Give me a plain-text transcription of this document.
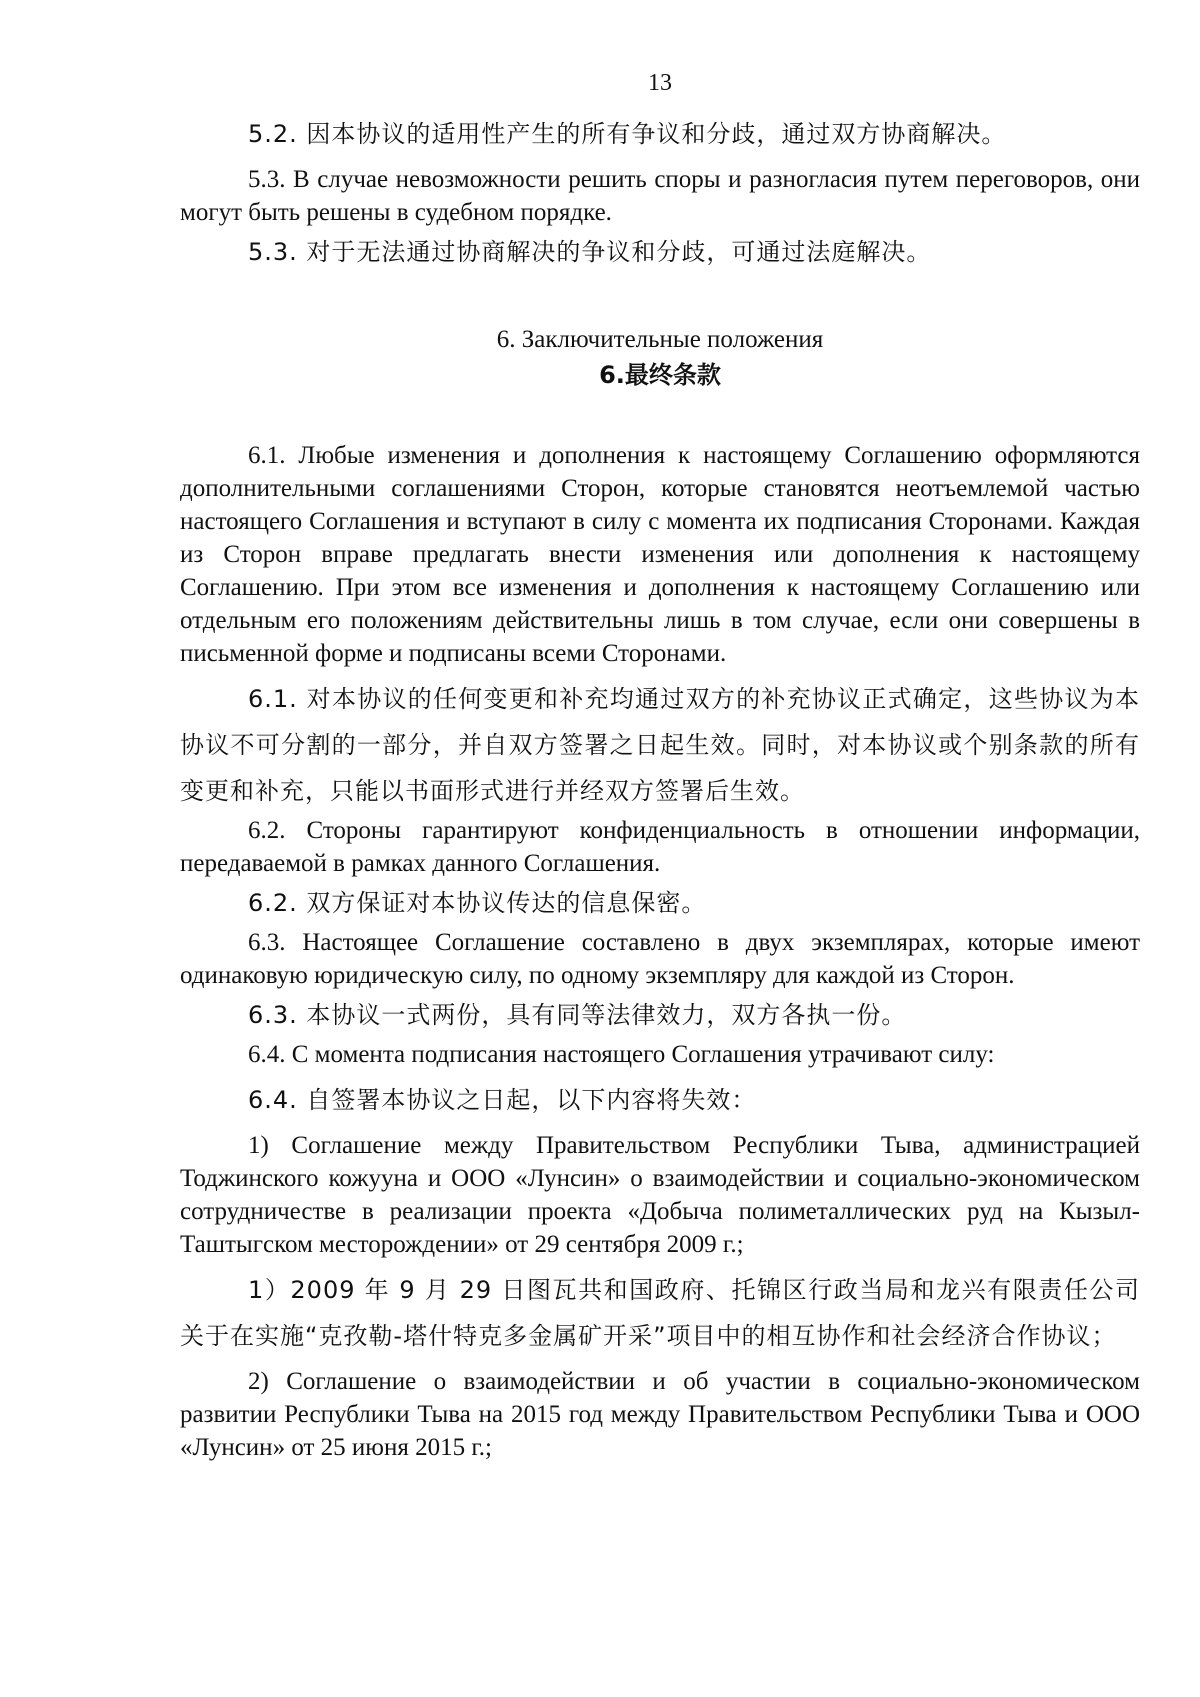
13

5.2. 因本协议的适用性产生的所有争议和分歧，通过双方协商解决。

5.3. В случае невозможности решить споры и разногласия путем переговоров, они могут быть решены в судебном порядке.

5.3. 对于无法通过协商解决的争议和分歧，可通过法庭解决。

6. Заключительные положения
6.最终条款

6.1. Любые изменения и дополнения к настоящему Соглашению оформляются дополнительными соглашениями Сторон, которые становятся неотъемлемой частью настоящего Соглашения и вступают в силу с момента их подписания Сторонами. Каждая из Сторон вправе предлагать внести изменения или дополнения к настоящему Соглашению. При этом все изменения и дополнения к настоящему Соглашению или отдельным его положениям действительны лишь в том случае, если они совершены в письменной форме и подписаны всеми Сторонами.

6.1. 对本协议的任何变更和补充均通过双方的补充协议正式确定，这些协议为本协议不可分割的一部分，并自双方签署之日起生效。同时，对本协议或个别条款的所有变更和补充，只能以书面形式进行并经双方签署后生效。

6.2. Стороны гарантируют конфиденциальность в отношении информации, передаваемой в рамках данного Соглашения.

6.2. 双方保证对本协议传达的信息保密。

6.3. Настоящее Соглашение составлено в двух экземплярах, которые имеют одинаковую юридическую силу, по одному экземпляру для каждой из Сторон.

6.3. 本协议一式两份，具有同等法律效力，双方各执一份。

6.4. С момента подписания настоящего Соглашения утрачивают силу:

6.4. 自签署本协议之日起，以下内容将失效：

1) Соглашение между Правительством Республики Тыва, администрацией Тоджинского кожууна и ООО «Лунсин» о взаимодействии и социально-экономическом сотрудничестве в реализации проекта «Добыча полиметаллических руд на Кызыл-Таштыгском месторождении» от 29 сентября 2009 г.;

1）2009 年 9 月 29 日图瓦共和国政府、托锦区行政当局和龙兴有限责任公司关于在实施“克孜勒-塔什特克多金属矿开采”项目中的相互协作和社会经济合作协议；

2) Соглашение о взаимодействии и об участии в социально-экономическом развитии Республики Тыва на 2015 год между Правительством Республики Тыва и ООО «Лунсин» от 25 июня 2015 г.;
